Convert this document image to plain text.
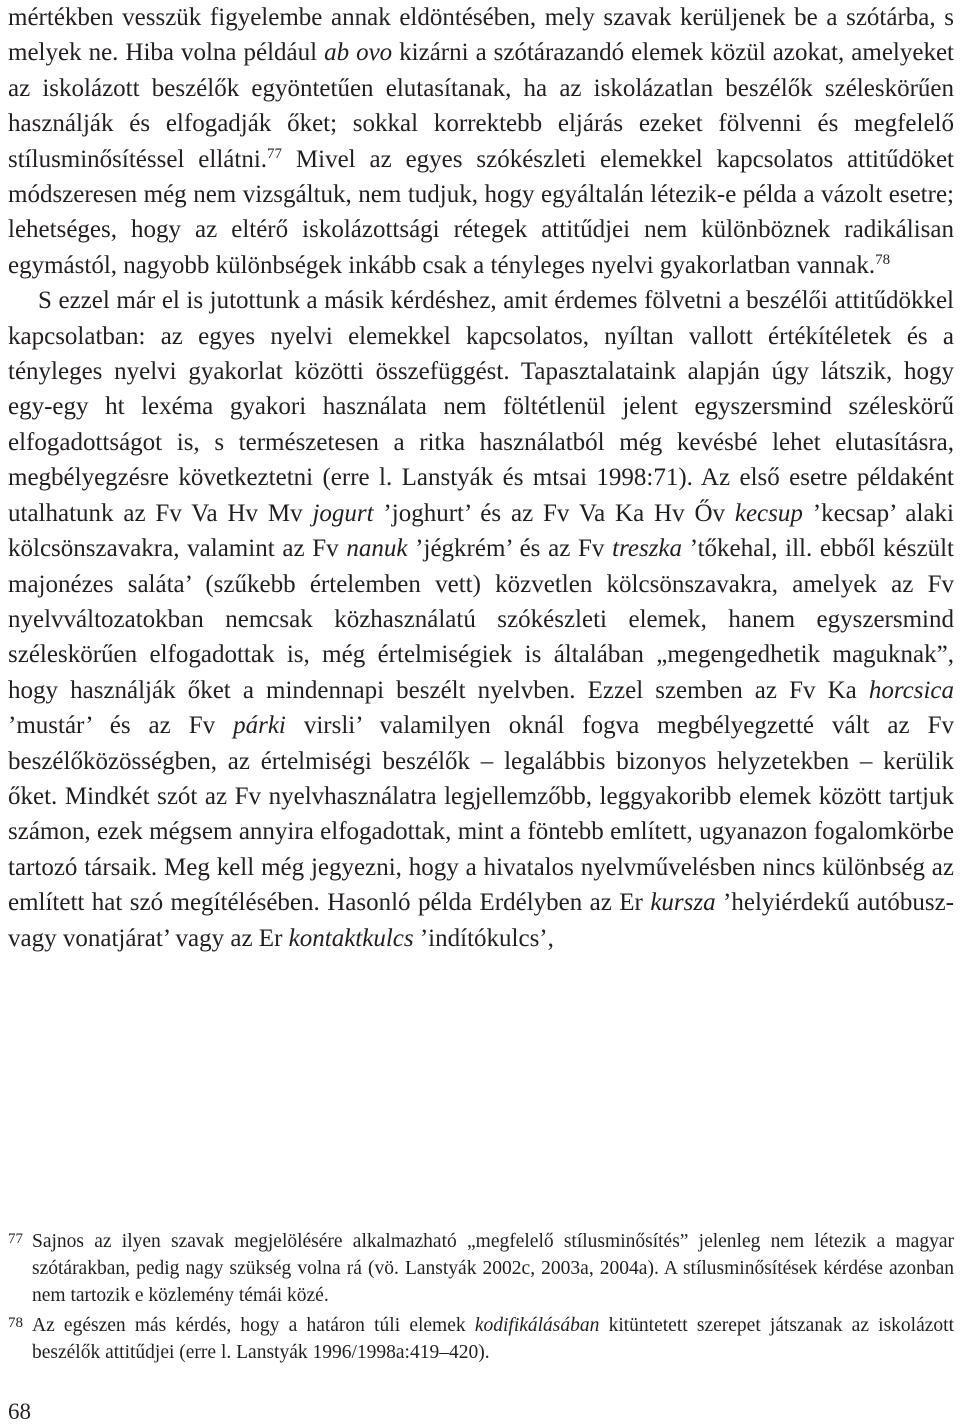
mértékben vesszük figyelembe annak eldöntésében, mely szavak kerüljenek be a szótárba, s melyek ne. Hiba volna például ab ovo kizárni a szótárazandó elemek közül azokat, amelyeket az iskolázott beszélők egyöntetűen elutasítanak, ha az iskolázatlan beszélők széleskörűen használják és elfogadják őket; sokkal korrektebb eljárás ezeket fölvenni és megfelelő stílusminősítéssel ellátni.$^{77}$ Mivel az egyes szókészleti elemekkel kapcsolatos attitűdöket módszeresen még nem vizsgáltuk, nem tudjuk, hogy egyáltalán létezik-e példa a vázolt esetre; lehetséges, hogy az eltérő iskolázottsági rétegek attitűdjei nem különböznek radikálisan egymástól, nagyobb különbségek inkább csak a tényleges nyelvi gyakorlatban vannak.$^{78}$

S ezzel már el is jutottunk a másik kérdéshez, amit érdemes fölvetni a beszélői attitűdökkel kapcsolatban: az egyes nyelvi elemekkel kapcsolatos, nyíltan vallott értékítéletek és a tényleges nyelvi gyakorlat közötti összefüggést. Tapasztalataink alapján úgy látszik, hogy egy-egy ht lexéma gyakori használata nem föltétlenül jelent egyszersmind széleskörű elfogadottságot is, s természetesen a ritka használatból még kevésbé lehet elutasításra, megbélyegzésre következtetni (erre l. Lanstyák és mtsai 1998:71). Az első esetre példaként utalhatunk az Fv Va Hv Mv jogurt ’joghurt’ és az Fv Va Ka Hv Őv kecsup ’kecsap’ alaki kölcsönszavakra, valamint az Fv nanuk ’jégkrém’ és az Fv treszka ’tőkehal, ill. ebből készült majonézes saláta’ (szűkebb értelemben vett) közvetlen kölcsönszavakra, amelyek az Fv nyelvváltozatokban nemcsak közhasználatú szókészleti elemek, hanem egyszersmind széleskörűen elfogadottak is, még értelmiségiek is általában „megengedhetik maguknak”, hogy használják őket a mindennapi beszélt nyelvben. Ezzel szemben az Fv Ka horcsica ’mustár’ és az Fv párki virsli’ valamilyen oknál fogva megbélyegzetté vált az Fv beszélőközösségben, az értelmiségi beszélők – legalábbis bizonyos helyzetekben – kerülik őket. Mindkét szót az Fv nyelvhasználatra legjellemzőbb, leggyakoribb elemek között tartjuk számon, ezek mégsem annyira elfogadottak, mint a föntebb említett, ugyanazon fogalomkörbe tartozó társaik. Meg kell még jegyezni, hogy a hivatalos nyelvművelésben nincs különbség az említett hat szó megítélésében. Hasonló példa Erdélyben az Er kursza ’helyiérdekű autóbusz- vagy vonatjárat’ vagy az Er kontaktkulcs ’indítókulcs’,

77 Sajnos az ilyen szavak megjelölésére alkalmazható „megfelelő stílusminősítés” jelenleg nem létezik a magyar szótárakban, pedig nagy szükség volna rá (vö. Lanstyák 2002c, 2003a, 2004a). A stílusminősítések kérdése azonban nem tartozik e közlemény témái közé.
78 Az egészen más kérdés, hogy a határon túli elemek kodifikálásában kitüntetett szerepet játszanak az iskolázott beszélők attitűdjei (erre l. Lanstyák 1996/1998a:419–420).
68
